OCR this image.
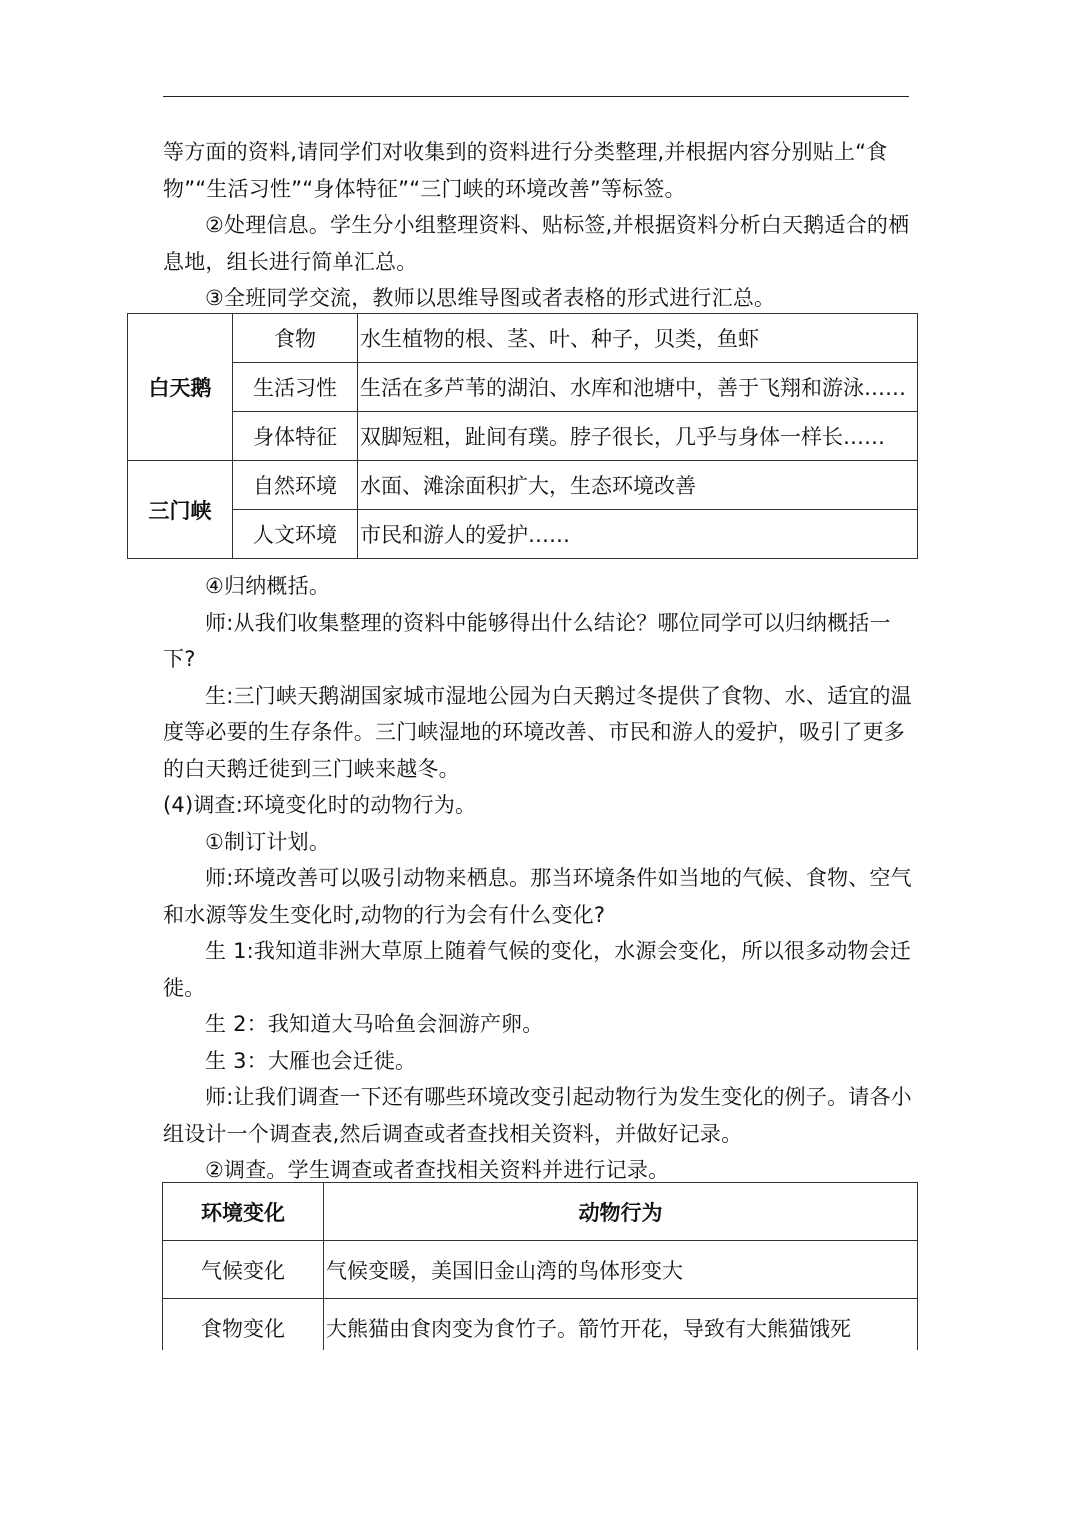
等方面的资料,请同学们对收集到的资料进行分类整理,并根据内容分别贴上“食物”“生活习性”“身体特征”“三门峡的环境改善”等标签。

②处理信息。学生分小组整理资料、贴标签,并根据资料分析白天鹅适合的栖息地，组长进行简单汇总。

③全班同学交流，教师以思维导图或者表格的形式进行汇总。

白天鹅	食物	水生植物的根、茎、叶、种子，贝类，鱼虾
	生活习性	生活在多芦苇的湖泊、水库和池塘中，善于飞翔和游泳……
	身体特征	双脚短粗，趾间有璞。脖子很长，几乎与身体一样长……
三门峡	自然环境	水面、滩涂面积扩大，生态环境改善
	人文环境	市民和游人的爱护……

④归纳概括。

师:从我们收集整理的资料中能够得出什么结论？哪位同学可以归纳概括一下?

生:三门峡天鹅湖国家城市湿地公园为白天鹅过冬提供了食物、水、适宜的温度等必要的生存条件。三门峡湿地的环境改善、市民和游人的爱护，吸引了更多的白天鹅迁徙到三门峡来越冬。

(4)调查:环境变化时的动物行为。

①制订计划。

师:环境改善可以吸引动物来栖息。那当环境条件如当地的气候、食物、空气和水源等发生变化时,动物的行为会有什么变化?

生 1:我知道非洲大草原上随着气候的变化，水源会变化，所以很多动物会迁徙。

生 2：我知道大马哈鱼会洄游产卵。

生 3：大雁也会迁徙。

师:让我们调查一下还有哪些环境改变引起动物行为发生变化的例子。请各小组设计一个调查表,然后调查或者查找相关资料，并做好记录。

②调查。学生调查或者查找相关资料并进行记录。

环境变化	动物行为
气候变化	气候变暖，美国旧金山湾的鸟体形变大
食物变化	大熊猫由食肉变为食竹子。箭竹开花，导致有大熊猫饿死
